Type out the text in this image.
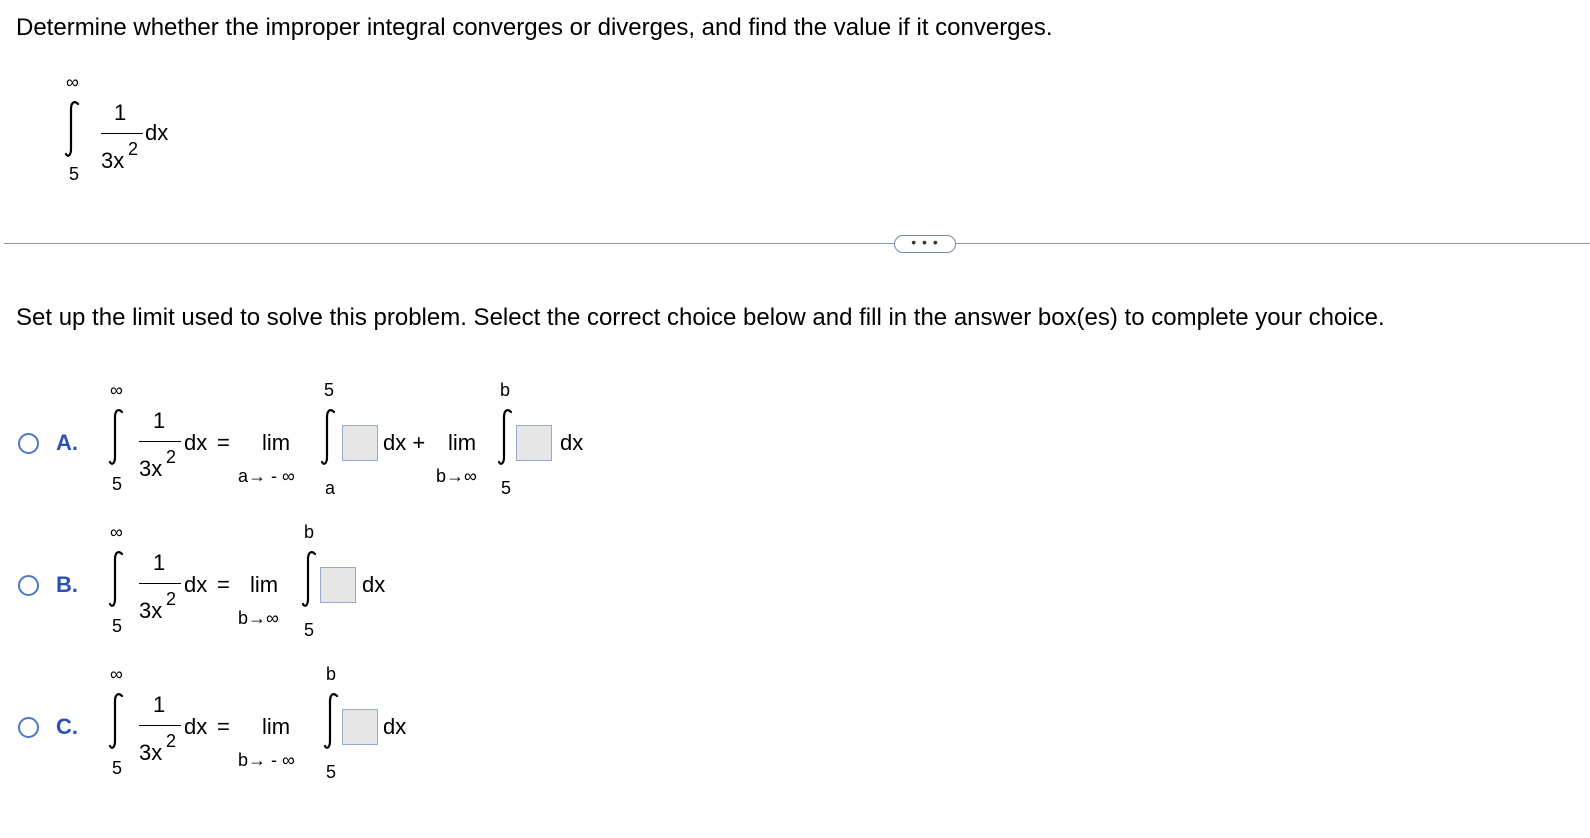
Determine whether the improper integral converges or diverges, and find the value if it converges.
∞
5
1
3x 2
dx
• • •
Set up the limit used to solve this problem. Select the correct choice below and fill in the answer box(es) to complete your choice.
A.
∞
5
1
3x 2
dx = lim
a→ - ∞
5
a
dx + lim
b→∞
b
5
dx
B.
∞
5
1
3x 2
dx = lim
b→∞
b
5
dx
C.
∞
5
1
3x 2
dx = lim
b→ - ∞
b
5
dx
